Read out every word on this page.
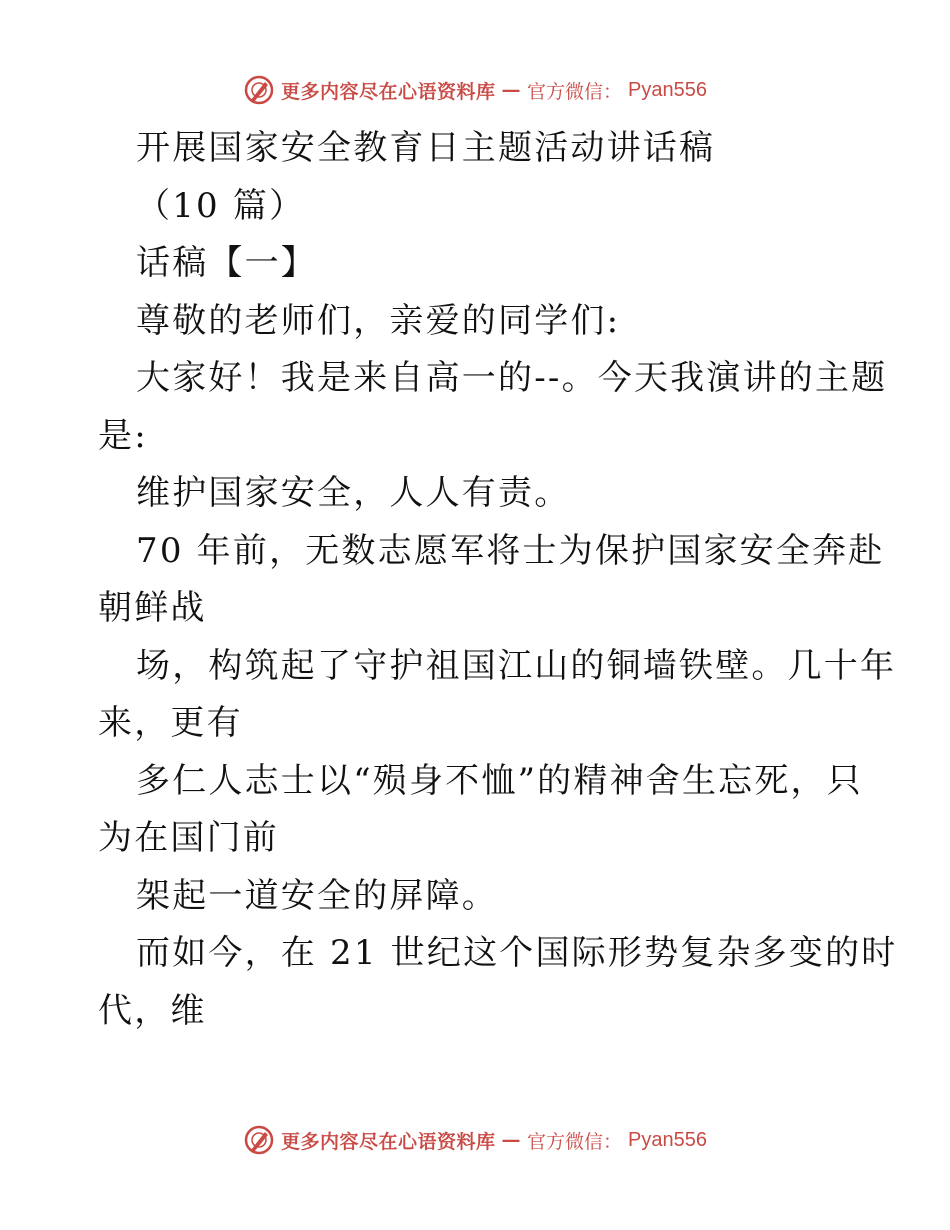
更多内容尽在心语资料库 — 官方微信： Pyan556
开展国家安全教育日主题活动讲话稿
（10 篇）
话稿【一】
尊敬的老师们，亲爱的同学们:
大家好！我是来自高一的--。今天我演讲的主题
是:
维护国家安全，人人有责。
70 年前，无数志愿军将士为保护国家安全奔赴
朝鲜战
场，构筑起了守护祖国江山的铜墙铁壁。几十年
来，更有
多仁人志士以“殒身不恤”的精神舍生忘死，只
为在国门前
架起一道安全的屏障。
而如今，在 21 世纪这个国际形势复杂多变的时
代，维
更多内容尽在心语资料库 — 官方微信： Pyan556
